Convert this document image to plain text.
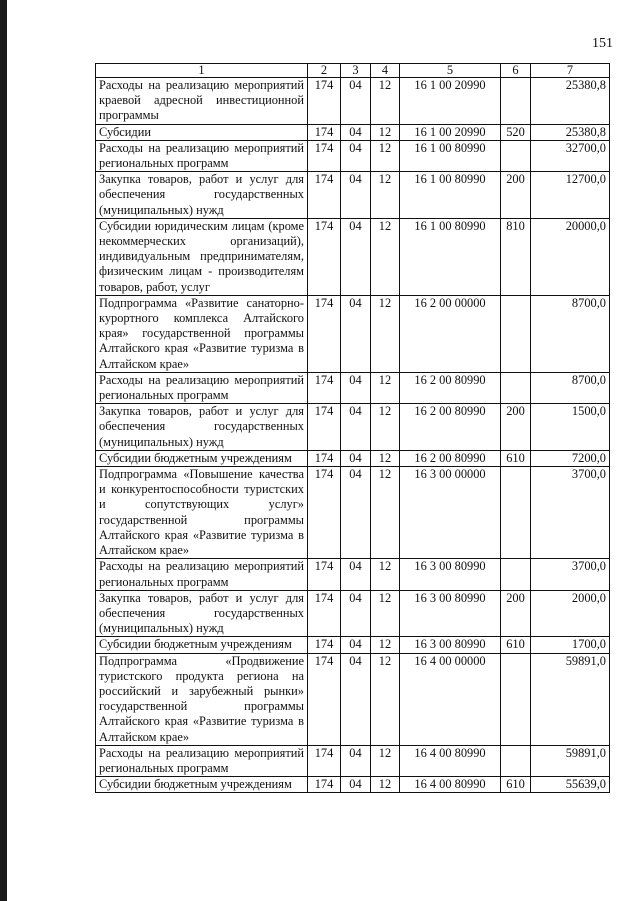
151
1	2	3	4	5	6	7
Расходы на реализацию мероприятий краевой адресной инвестиционной программы	174	04	12	16 1 00 20990		25380,8
Субсидии	174	04	12	16 1 00 20990	520	25380,8
Расходы на реализацию мероприятий региональных программ	174	04	12	16 1 00 80990		32700,0
Закупка товаров, работ и услуг для обеспечения государственных (муниципальных) нужд	174	04	12	16 1 00 80990	200	12700,0
Субсидии юридическим лицам (кроме некоммерческих организаций), индивидуальным предпринимателям, физическим лицам - производителям товаров, работ, услуг	174	04	12	16 1 00 80990	810	20000,0
Подпрограмма «Развитие санаторно-курортного комплекса Алтайского края» государственной программы Алтайского края «Развитие туризма в Алтайском крае»	174	04	12	16 2 00 00000		8700,0
Расходы на реализацию мероприятий региональных программ	174	04	12	16 2 00 80990		8700,0
Закупка товаров, работ и услуг для обеспечения государственных (муниципальных) нужд	174	04	12	16 2 00 80990	200	1500,0
Субсидии бюджетным учреждениям	174	04	12	16 2 00 80990	610	7200,0
Подпрограмма «Повышение качества и конкурентоспособности туристских и сопутствующих услуг» государственной программы Алтайского края «Развитие туризма в Алтайском крае»	174	04	12	16 3 00 00000		3700,0
Расходы на реализацию мероприятий региональных программ	174	04	12	16 3 00 80990		3700,0
Закупка товаров, работ и услуг для обеспечения государственных (муниципальных) нужд	174	04	12	16 3 00 80990	200	2000,0
Субсидии бюджетным учреждениям	174	04	12	16 3 00 80990	610	1700,0
Подпрограмма «Продвижение туристского продукта региона на российский и зарубежный рынки» государственной программы Алтайского края «Развитие туризма в Алтайском крае»	174	04	12	16 4 00 00000		59891,0
Расходы на реализацию мероприятий региональных программ	174	04	12	16 4 00 80990		59891,0
Субсидии бюджетным учреждениям	174	04	12	16 4 00 80990	610	55639,0
